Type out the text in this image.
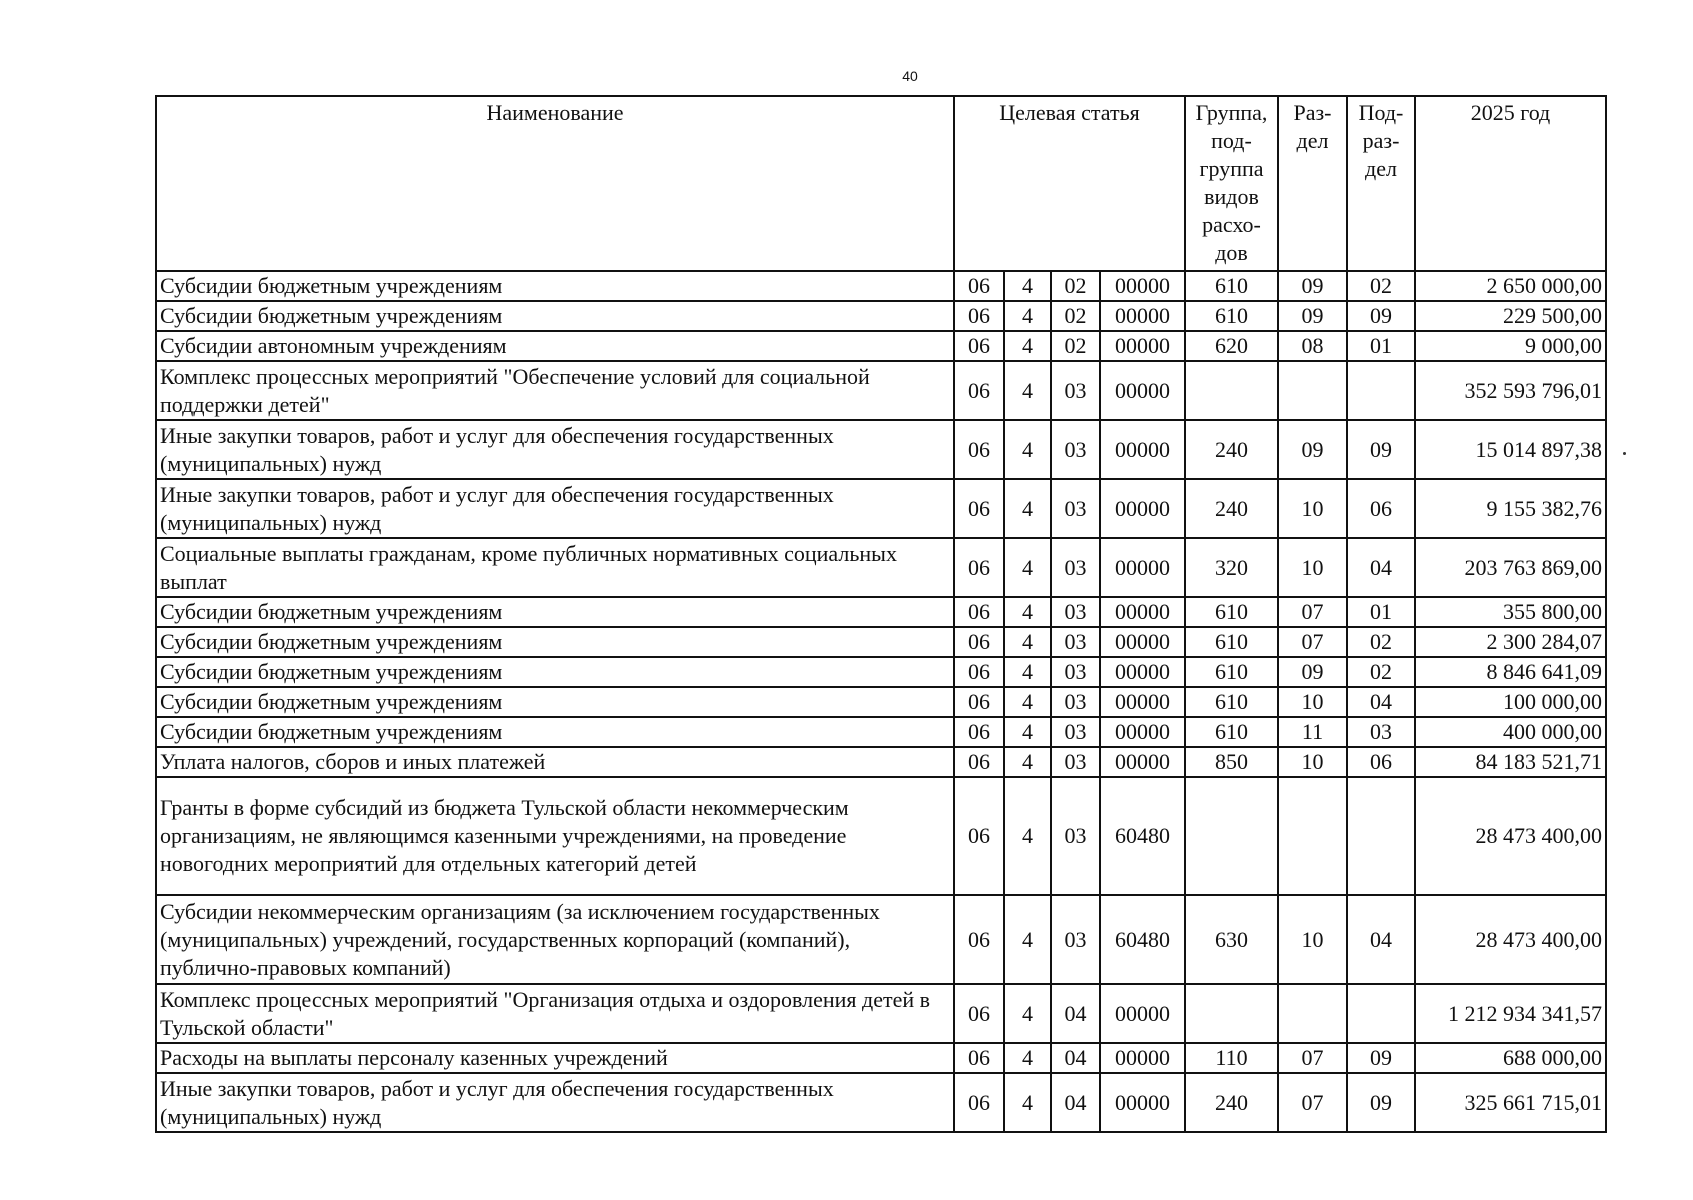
40
Наименование	Целевая статья				Группа, под- группа видов расхо- дов	Раз- дел	Под- раз- дел	2025 год
Субсидии бюджетным учреждениям	06	4	02	00000	610	09	02	2 650 000,00
Субсидии бюджетным учреждениям	06	4	02	00000	610	09	09	229 500,00
Субсидии автономным учреждениям	06	4	02	00000	620	08	01	9 000,00
Комплекс процессных мероприятий "Обеспечение условий для социальной поддержки детей"	06	4	03	00000				352 593 796,01
Иные закупки товаров, работ и услуг для обеспечения государственных (муниципальных) нужд	06	4	03	00000	240	09	09	15 014 897,38
Иные закупки товаров, работ и услуг для обеспечения государственных (муниципальных) нужд	06	4	03	00000	240	10	06	9 155 382,76
Социальные выплаты гражданам, кроме публичных нормативных социальных выплат	06	4	03	00000	320	10	04	203 763 869,00
Субсидии бюджетным учреждениям	06	4	03	00000	610	07	01	355 800,00
Субсидии бюджетным учреждениям	06	4	03	00000	610	07	02	2 300 284,07
Субсидии бюджетным учреждениям	06	4	03	00000	610	09	02	8 846 641,09
Субсидии бюджетным учреждениям	06	4	03	00000	610	10	04	100 000,00
Субсидии бюджетным учреждениям	06	4	03	00000	610	11	03	400 000,00
Уплата налогов, сборов и иных платежей	06	4	03	00000	850	10	06	84 183 521,71
Гранты в форме субсидий из бюджета Тульской области некоммерческим организациям, не являющимся казенными учреждениями, на проведение новогодних мероприятий для отдельных категорий детей	06	4	03	60480				28 473 400,00
Субсидии некоммерческим организациям (за исключением государственных (муниципальных) учреждений, государственных корпораций (компаний), публично-правовых компаний)	06	4	03	60480	630	10	04	28 473 400,00
Комплекс процессных мероприятий "Организация отдыха и оздоровления детей в Тульской области"	06	4	04	00000				1 212 934 341,57
Расходы на выплаты персоналу казенных учреждений	06	4	04	00000	110	07	09	688 000,00
Иные закупки товаров, работ и услуг для обеспечения государственных (муниципальных) нужд	06	4	04	00000	240	07	09	325 661 715,01
